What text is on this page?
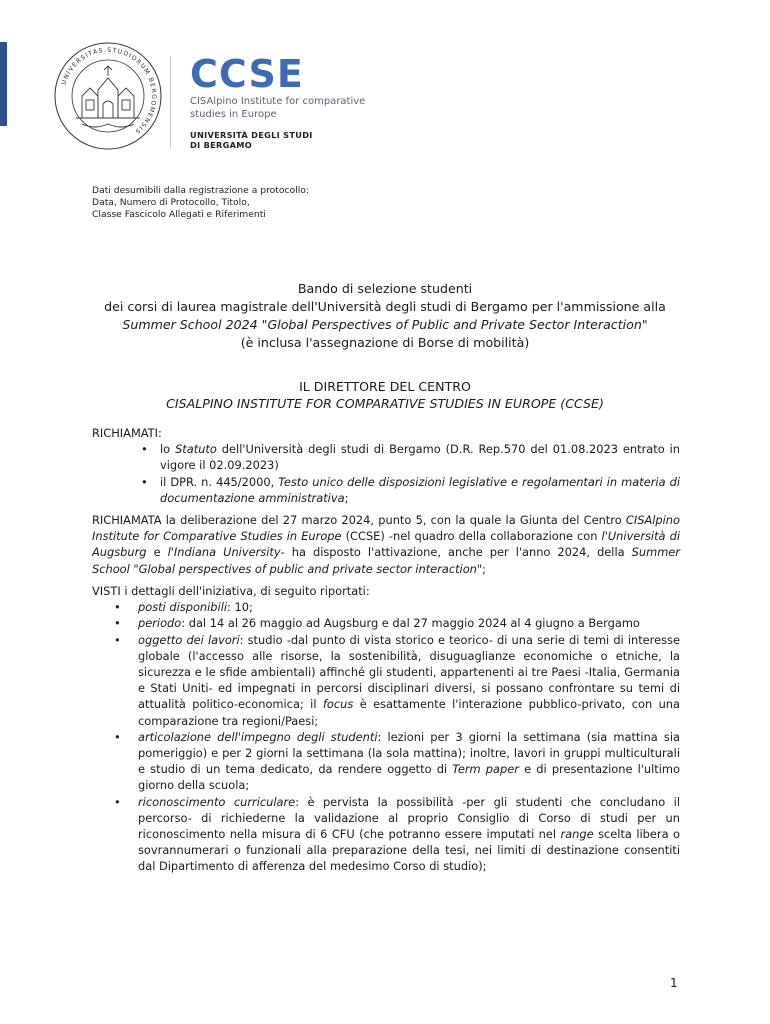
UNIVERSITAS STUDIORUM BERGOMENSIS
CCSE
CISAlpino Institute for comparative
studies in Europe
UNIVERSITÀ DEGLI STUDI
DI BERGAMO
Dati desumibili dalla registrazione a protocollo:
Data, Numero di Protocollo, Titolo,
Classe Fascicolo Allegati e Riferimenti
Bando di selezione studenti
dei corsi di laurea magistrale dell'Università degli studi di Bergamo per l'ammissione alla
Summer School 2024 "Global Perspectives of Public and Private Sector Interaction"
(è inclusa l'assegnazione di Borse di mobilità)
IL DIRETTORE DEL CENTRO
CISALPINO INSTITUTE FOR COMPARATIVE STUDIES IN EUROPE (CCSE)
RICHIAMATI:
• lo Statuto dell'Università degli studi di Bergamo (D.R. Rep.570 del 01.08.2023 entrato in vigore il 02.09.2023)
• il DPR. n. 445/2000, Testo unico delle disposizioni legislative e regolamentari in materia di documentazione amministrativa;
RICHIAMATA la deliberazione del 27 marzo 2024, punto 5, con la quale la Giunta del Centro CISAlpino Institute for Comparative Studies in Europe (CCSE) -nel quadro della collaborazione con l'Università di Augsburg e l'Indiana University- ha disposto l'attivazione, anche per l'anno 2024, della Summer School "Global perspectives of public and private sector interaction";
VISTI i dettagli dell'iniziativa, di seguito riportati:
• posti disponibili: 10;
• periodo: dal 14 al 26 maggio ad Augsburg e dal 27 maggio 2024 al 4 giugno a Bergamo
• oggetto dei lavori: studio -dal punto di vista storico e teorico- di una serie di temi di interesse globale (l'accesso alle risorse, la sostenibilità, disuguaglianze economiche o etniche, la sicurezza e le sfide ambientali) affinché gli studenti, appartenenti ai tre Paesi -Italia, Germania e Stati Uniti- ed impegnati in percorsi disciplinari diversi, si possano confrontare su temi di attualità politico-economica; il focus è esattamente l'interazione pubblico-privato, con una comparazione tra regioni/Paesi;
• articolazione dell'impegno degli studenti: lezioni per 3 giorni la settimana (sia mattina sia pomeriggio) e per 2 giorni la settimana (la sola mattina); inoltre, lavori in gruppi multiculturali e studio di un tema dedicato, da rendere oggetto di Term paper e di presentazione l'ultimo giorno della scuola;
• riconoscimento curriculare: è pervista la possibilità -per gli studenti che concludano il percorso- di richiederne la validazione al proprio Consiglio di Corso di studi per un riconoscimento nella misura di 6 CFU (che potranno essere imputati nel range scelta libera o sovrannumerari o funzionali alla preparazione della tesi, nei limiti di destinazione consentiti dal Dipartimento di afferenza del medesimo Corso di studio);
1
